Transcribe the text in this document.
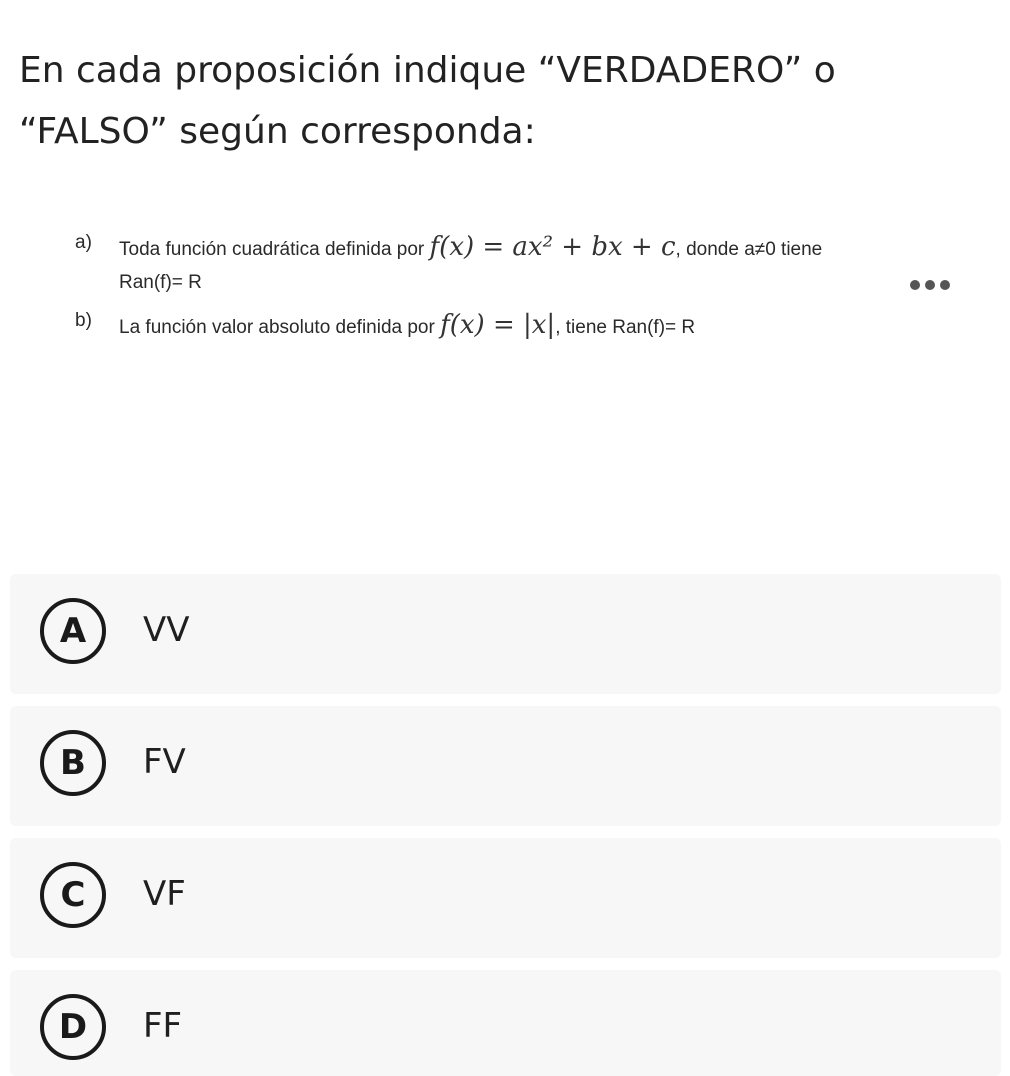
En cada proposición indique “VERDADERO” o “FALSO” según corresponda:
a) Toda función cuadrática definida por f(x) = ax² + bx + c, donde a≠0 tiene
Ran(f)= R
b) La función valor absoluto definida por f(x) = |x|, tiene Ran(f)= R
A	VV
B	FV
C	VF
D	FF
